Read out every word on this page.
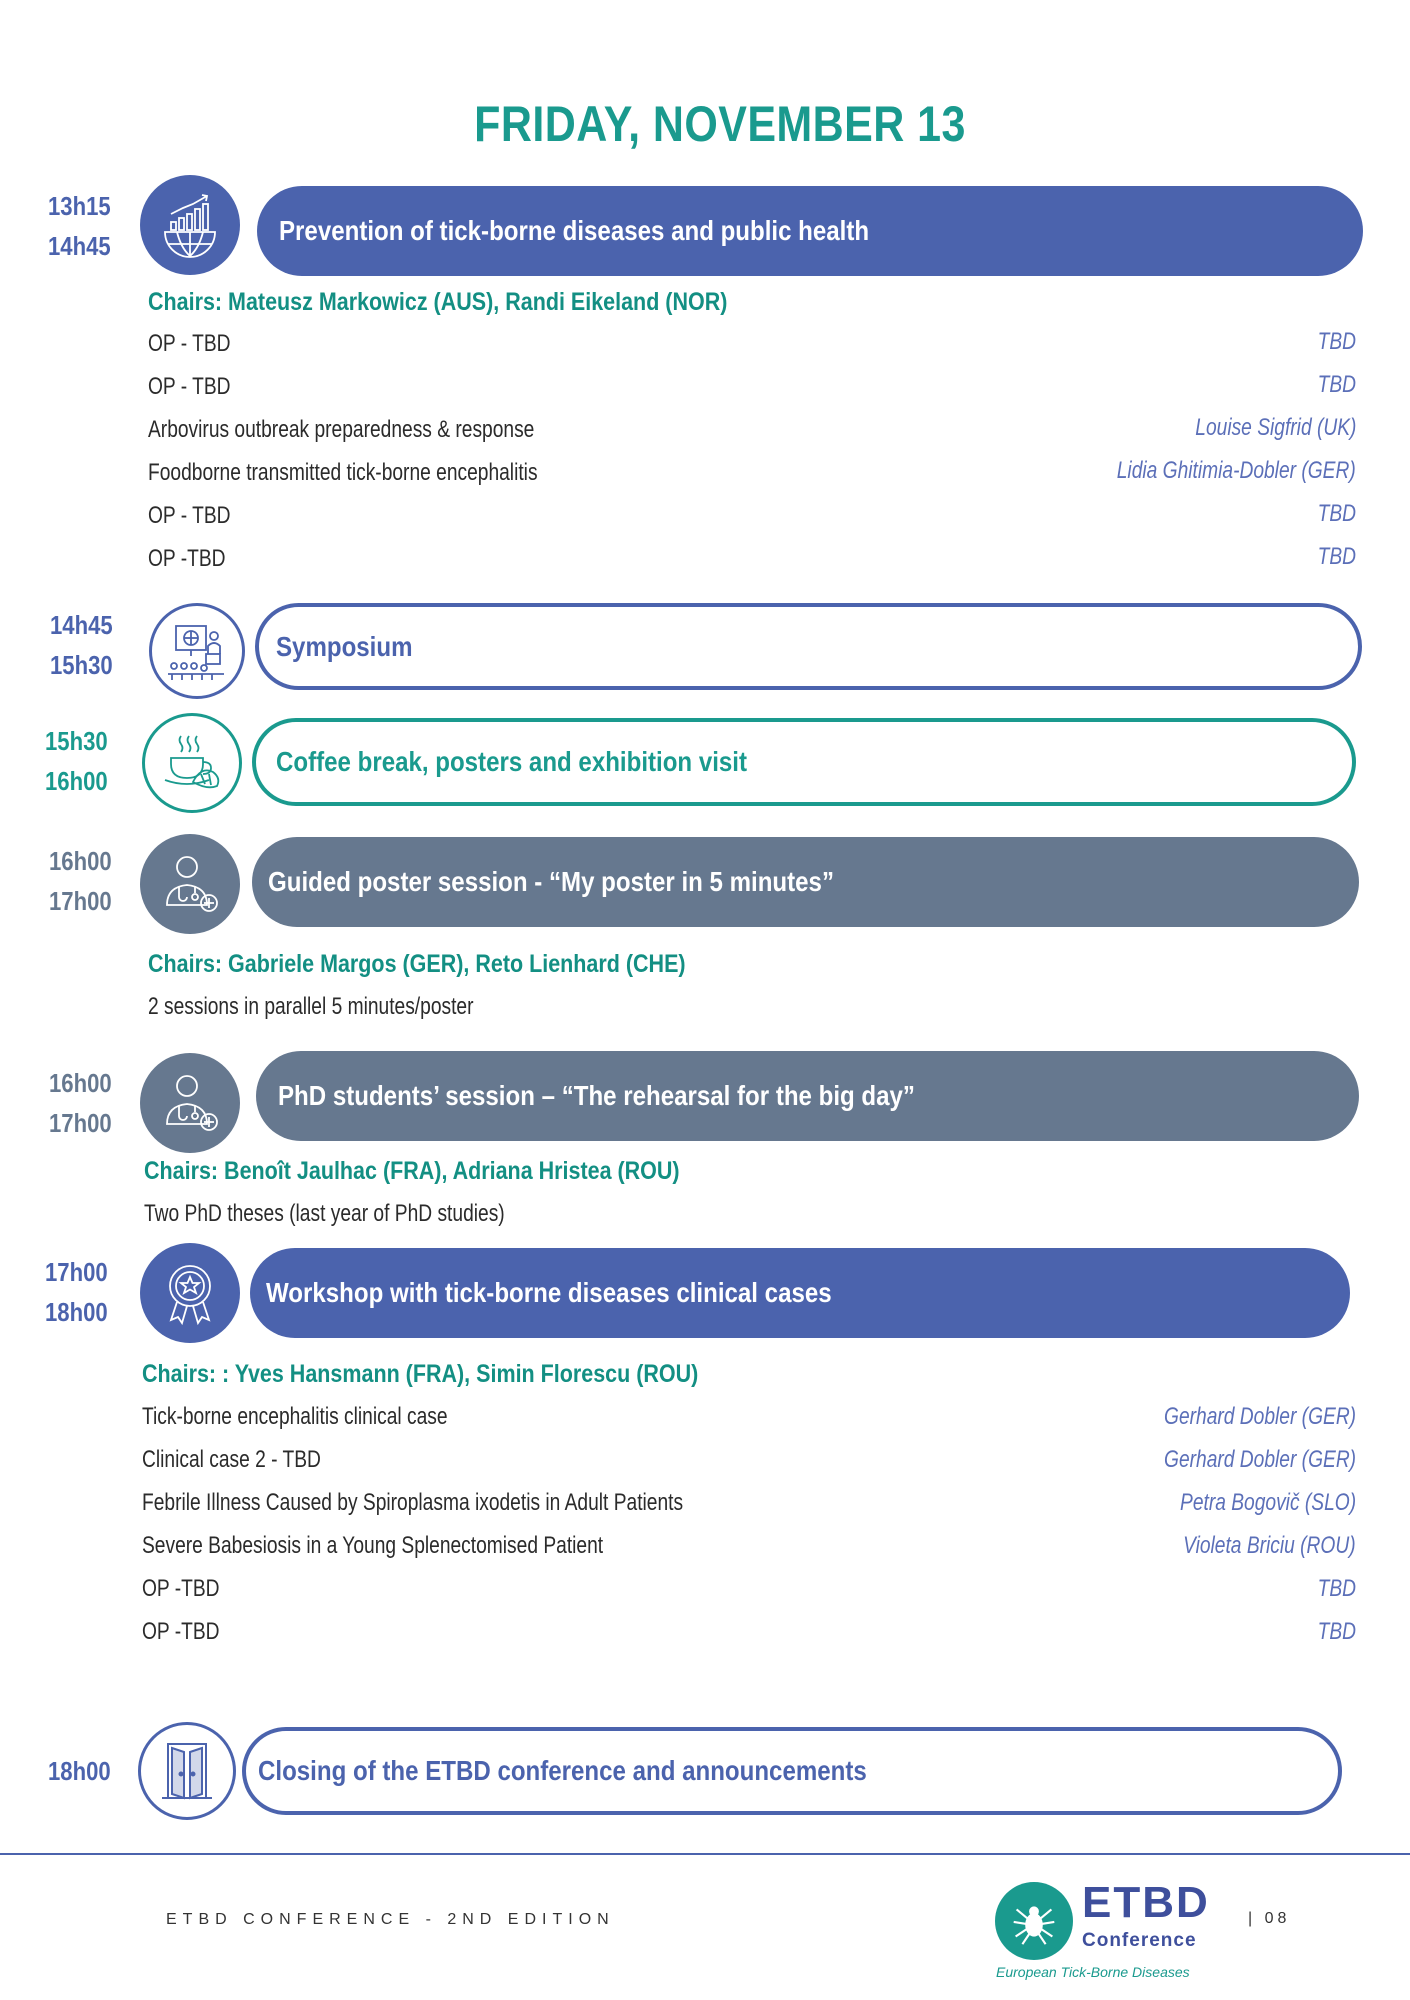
FRIDAY, NOVEMBER 13
13h15
14h45	Prevention of tick-borne diseases and public health
Chairs: Mateusz Markowicz (AUS), Randi Eikeland (NOR)
OP - TBD	TBD
OP - TBD	TBD
Arbovirus outbreak preparedness & response	Louise Sigfrid (UK)
Foodborne transmitted tick-borne encephalitis	Lidia Ghitimia-Dobler (GER)
OP - TBD	TBD
OP -TBD	TBD
14h45
15h30
Symposium
15h30
16h00
Coffee break, posters and exhibition visit
16h00
17h00
Guided poster session - “My poster in 5 minutes”
Chairs: Gabriele Margos (GER), Reto Lienhard (CHE)
2 sessions in parallel 5 minutes/poster
16h00
17h00
PhD students’ session – “The rehearsal for the big day”
Chairs: Benoît Jaulhac (FRA), Adriana Hristea (ROU)
Two PhD theses (last year of PhD studies)
17h00
18h00
Workshop with tick-borne diseases clinical cases
Chairs: : Yves Hansmann (FRA), Simin Florescu (ROU)
Tick-borne encephalitis clinical case	Gerhard Dobler (GER)
Clinical case 2 - TBD	Gerhard Dobler (GER)
Febrile Illness Caused by Spiroplasma ixodetis in Adult Patients	Petra Bogovič (SLO)
Severe Babesiosis in a Young Splenectomised Patient	Violeta Briciu (ROU)
OP -TBD	TBD
OP -TBD	TBD
18h00	Closing of the ETBD conference and announcements
ETBD CONFERENCE - 2ND EDITION	ETBD
Conference
European Tick-Borne Diseases
| 08
